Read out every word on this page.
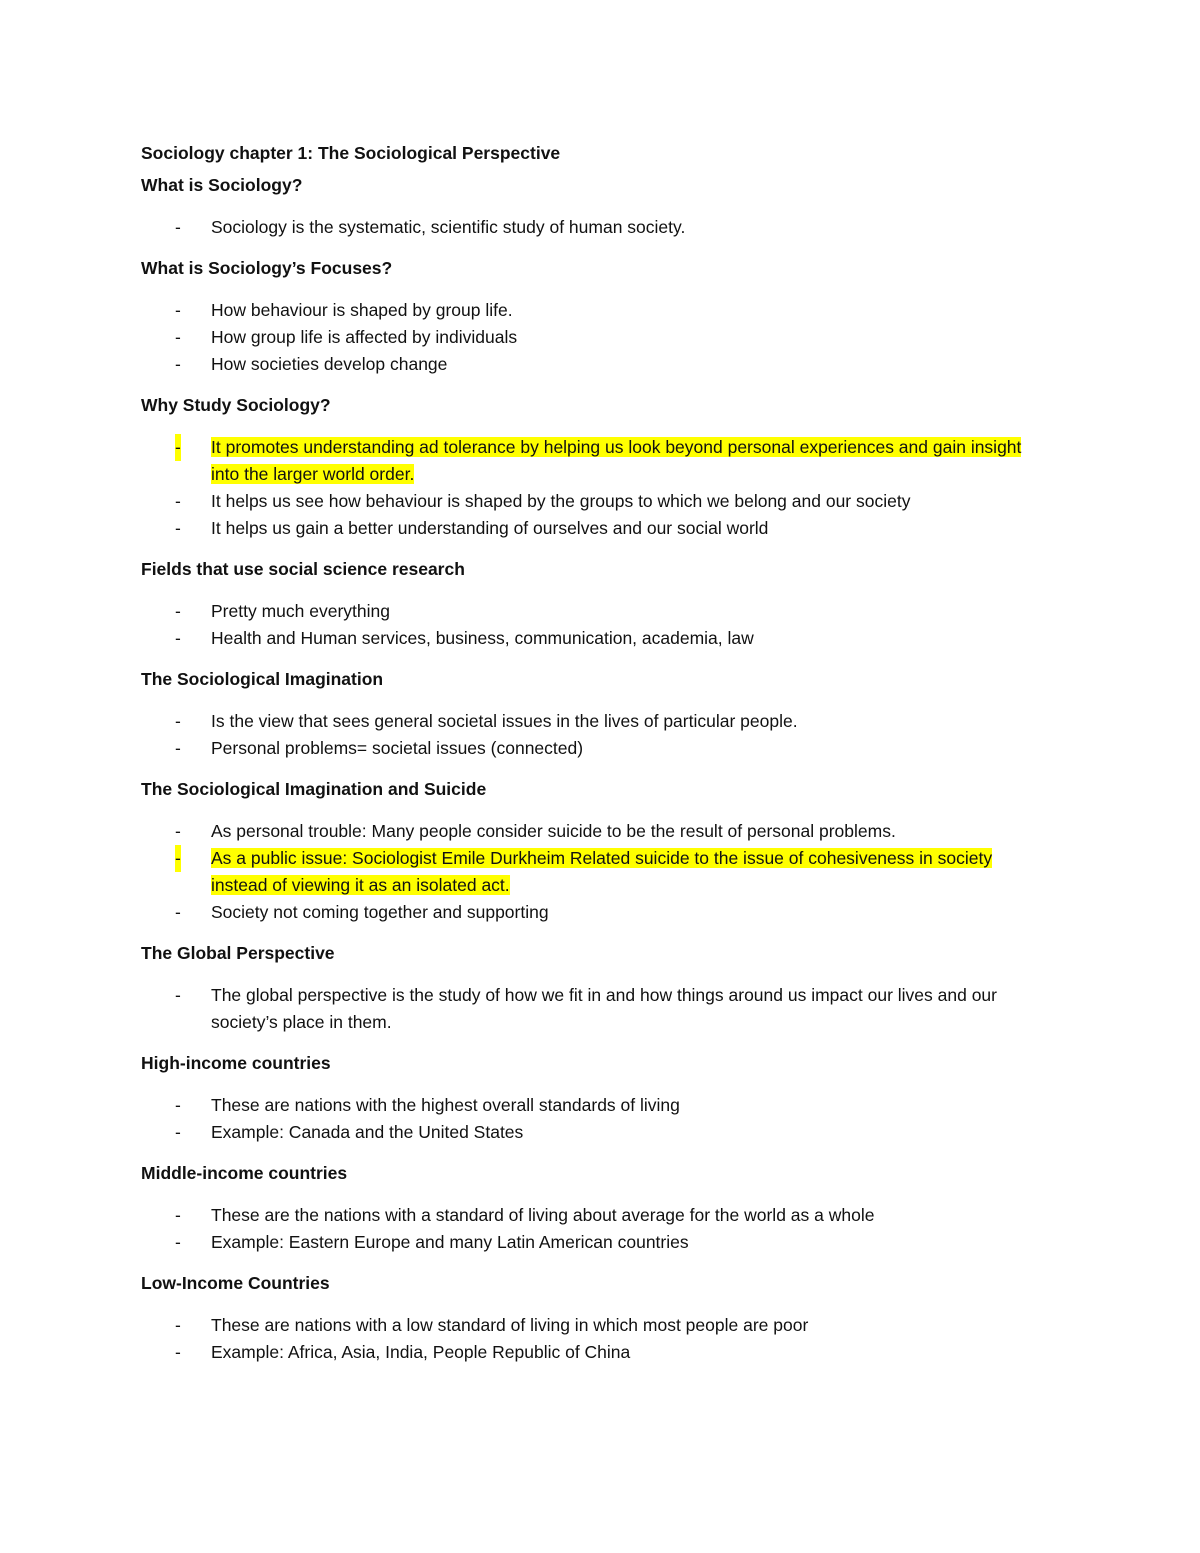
Sociology chapter 1: The Sociological Perspective

What is Sociology?

- Sociology is the systematic, scientific study of human society.

What is Sociology’s Focuses?

- How behaviour is shaped by group life.
- How group life is affected by individuals
- How societies develop change

Why Study Sociology?

- It promotes understanding ad tolerance by helping us look beyond personal experiences and gain insight into the larger world order.
- It helps us see how behaviour is shaped by the groups to which we belong and our society
- It helps us gain a better understanding of ourselves and our social world

Fields that use social science research

- Pretty much everything
- Health and Human services, business, communication, academia, law

The Sociological Imagination

- Is the view that sees general societal issues in the lives of particular people.
- Personal problems= societal issues (connected)

The Sociological Imagination and Suicide

- As personal trouble: Many people consider suicide to be the result of personal problems.
- As a public issue: Sociologist Emile Durkheim Related suicide to the issue of cohesiveness in society instead of viewing it as an isolated act.
- Society not coming together and supporting

The Global Perspective

- The global perspective is the study of how we fit in and how things around us impact our lives and our society’s place in them.

High-income countries

- These are nations with the highest overall standards of living
- Example: Canada and the United States

Middle-income countries

- These are the nations with a standard of living about average for the world as a whole
- Example: Eastern Europe and many Latin American countries

Low-Income Countries

- These are nations with a low standard of living in which most people are poor
- Example: Africa, Asia, India, People Republic of China
